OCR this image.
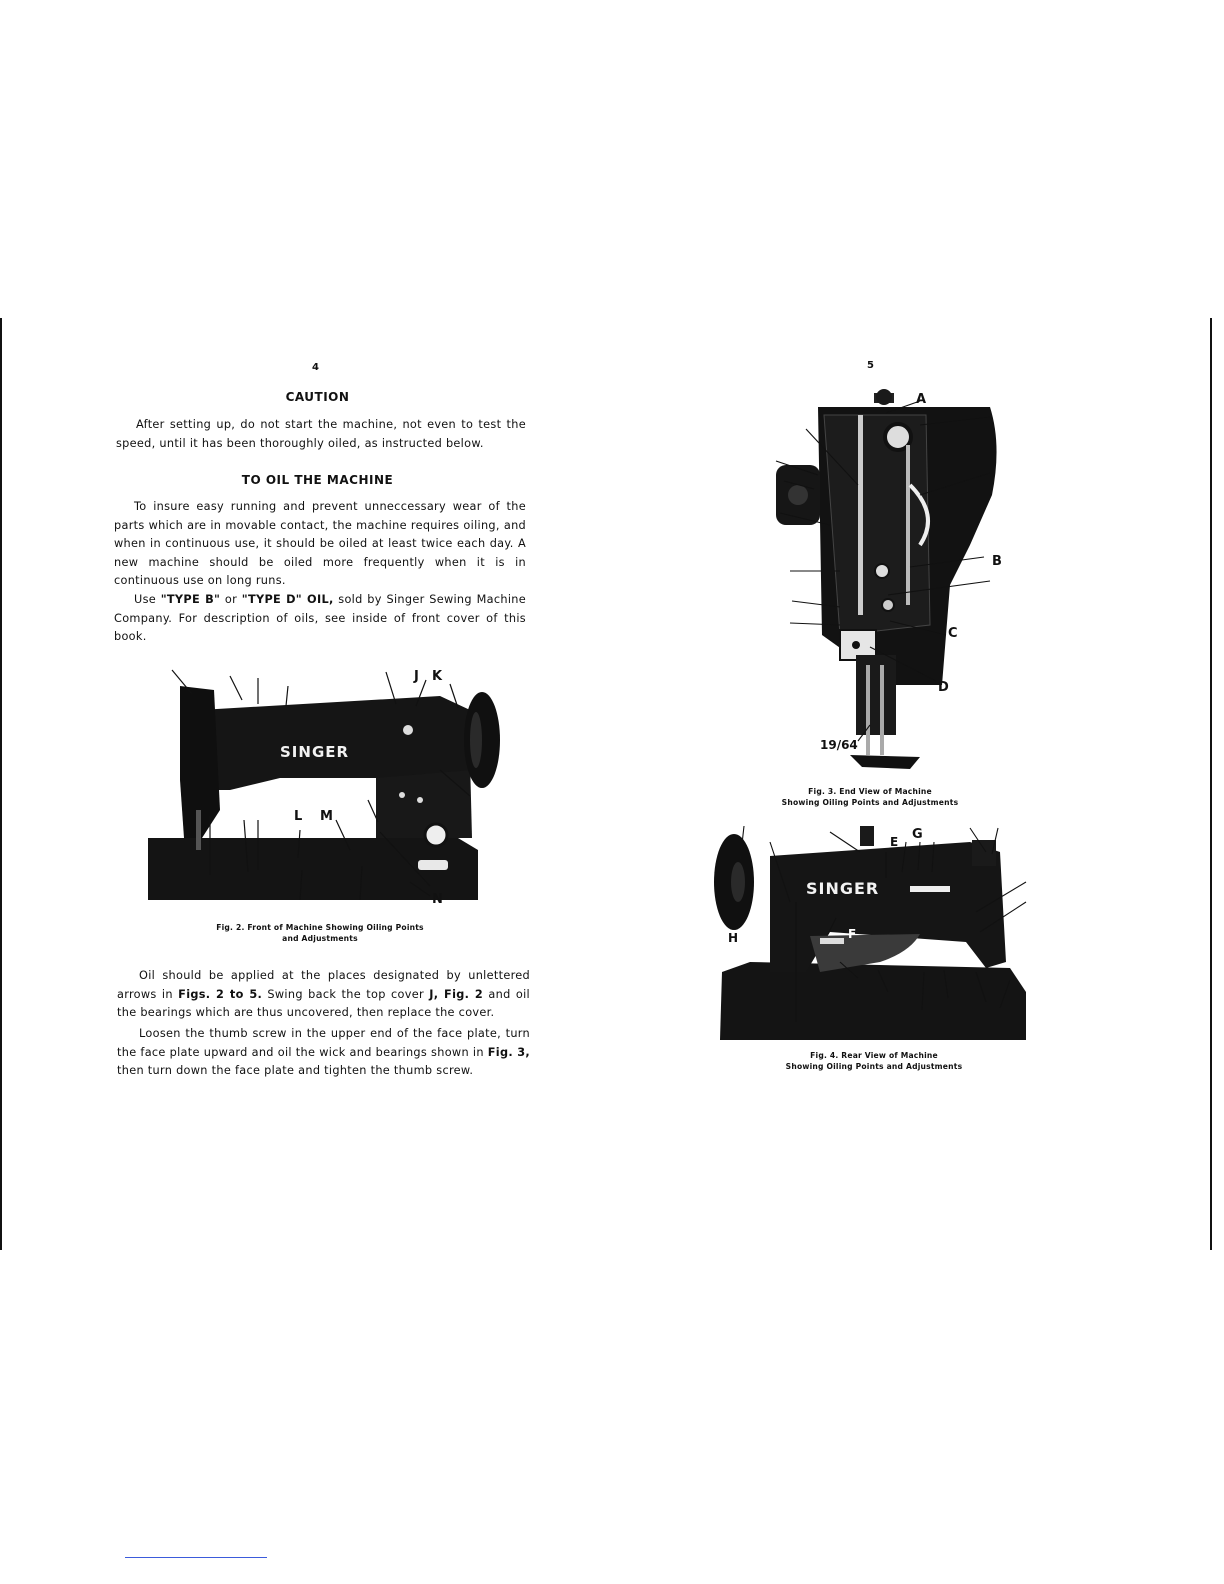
4
CAUTION
After setting up, do not start the machine, not even to test the speed, until it has been thoroughly oiled, as instructed below.
TO OIL THE MACHINE
To insure easy running and prevent unneccessary wear of the parts which are in movable contact, the machine requires oiling, and when in continuous use, it should be oiled at least twice each day. A new machine should be oiled more frequently when it is in continuous use on long runs.
Use "TYPE B" or "TYPE D" OIL, sold by Singer Sewing Machine Company. For description of oils, see inside of front cover of this book.
SINGER
J K
L M
N
Fig. 2. Front of Machine Showing Oiling Points
and Adjustments
Oil should be applied at the places designated by unlettered arrows in Figs. 2 to 5. Swing back the top cover J, Fig. 2 and oil the bearings which are thus uncovered, then replace the cover.
Loosen the thumb screw in the upper end of the face plate, turn the face plate upward and oil the wick and bearings shown in Fig. 3, then turn down the face plate and tighten the thumb screw.
5
A
B
C
D
19/64
Fig. 3. End View of Machine
Showing Oiling Points and Adjustments
SINGER
E G
H	F
Fig. 4. Rear View of Machine
Showing Oiling Points and Adjustments
